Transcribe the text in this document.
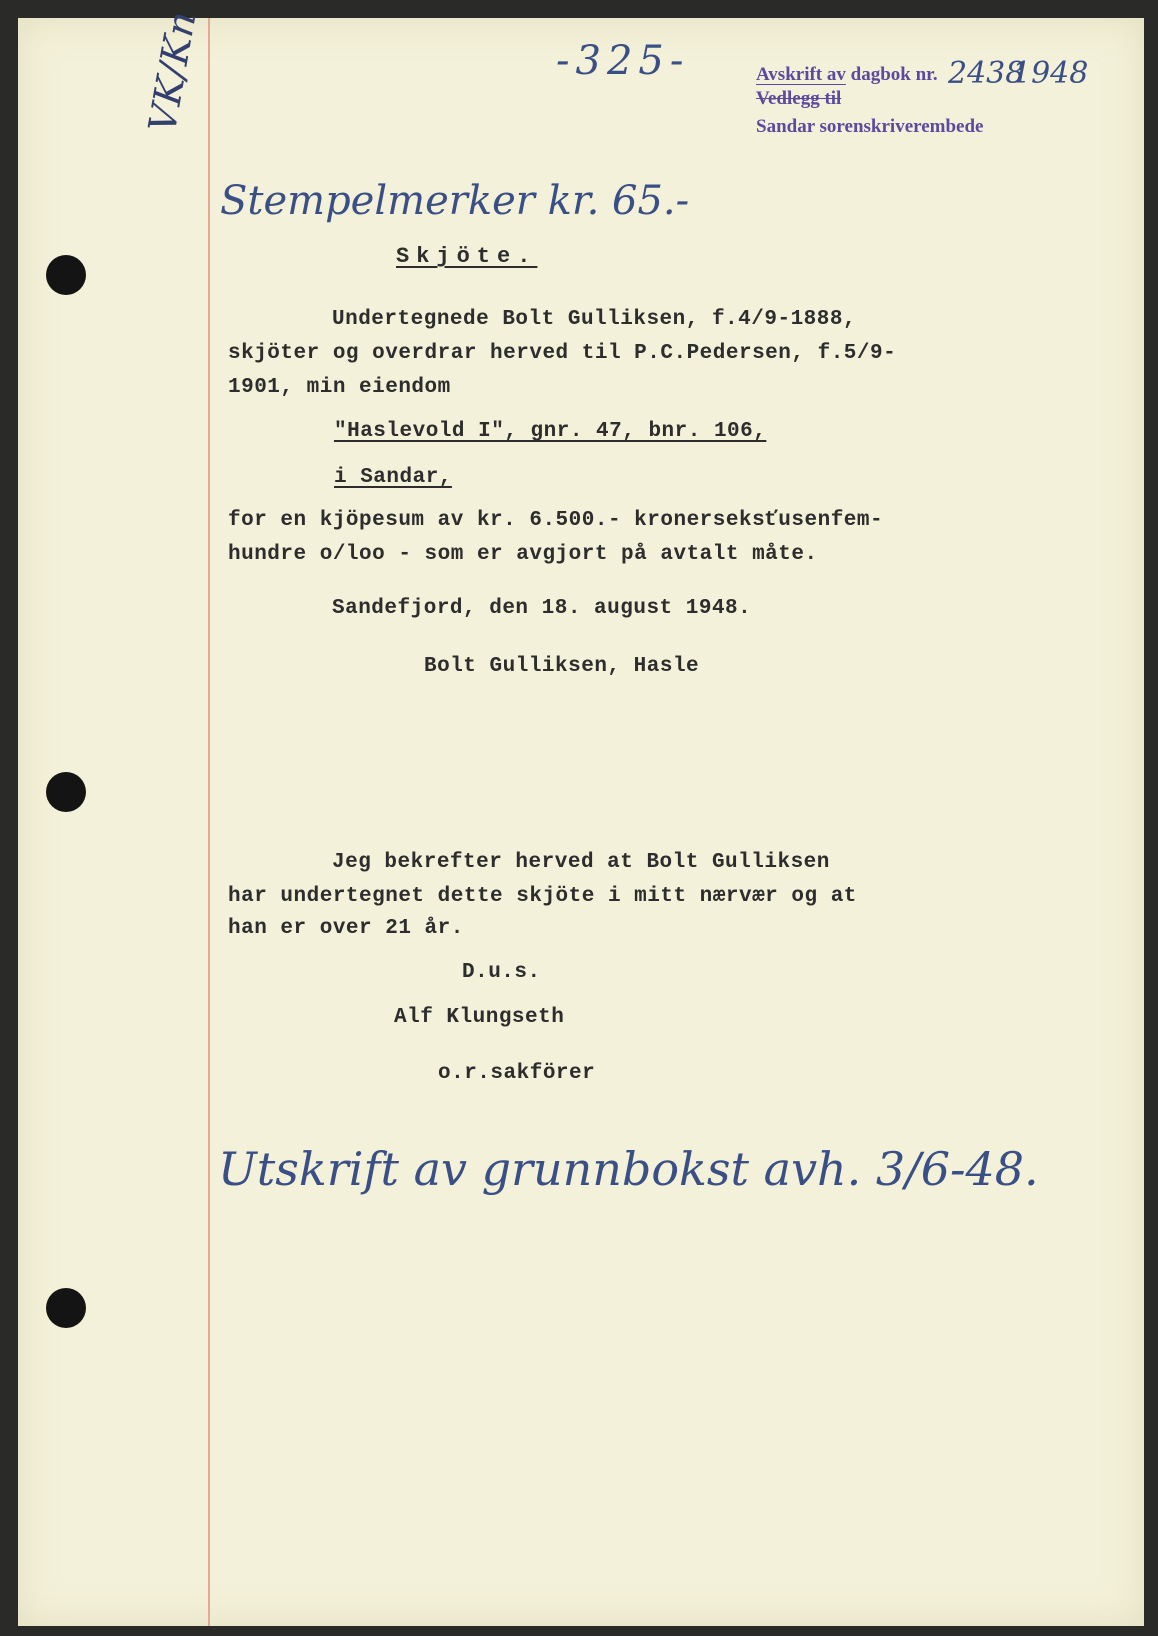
-325-	Avskrift av dagbok nr. 2438
1948
Vedlegg til
Sandar sorenskriverembede
VK/Kn
Stempelmerker kr. 65.-
Skjöte.
Undertegnede Bolt Gulliksen, f.4/9-1888,
skjöter og overdrar herved til P.C.Pedersen, f.5/9-
1901, min eiendom
"Haslevold I", gnr. 47, bnr. 106,
i Sandar,
for en kjöpesum av kr. 6.500.- kronerseksťusenfem-
hundre o/loo - som er avgjort på avtalt måte.
Sandefjord, den 18. august 1948.
Bolt Gulliksen, Hasle
Jeg bekrefter herved at Bolt Gulliksen
har undertegnet dette skjöte i mitt nærvær og at
han er over 21 år.
D.u.s.
Alf Klungseth
o.r.sakförer
Utskrift av grunnbokst avh. 3/6-48.
